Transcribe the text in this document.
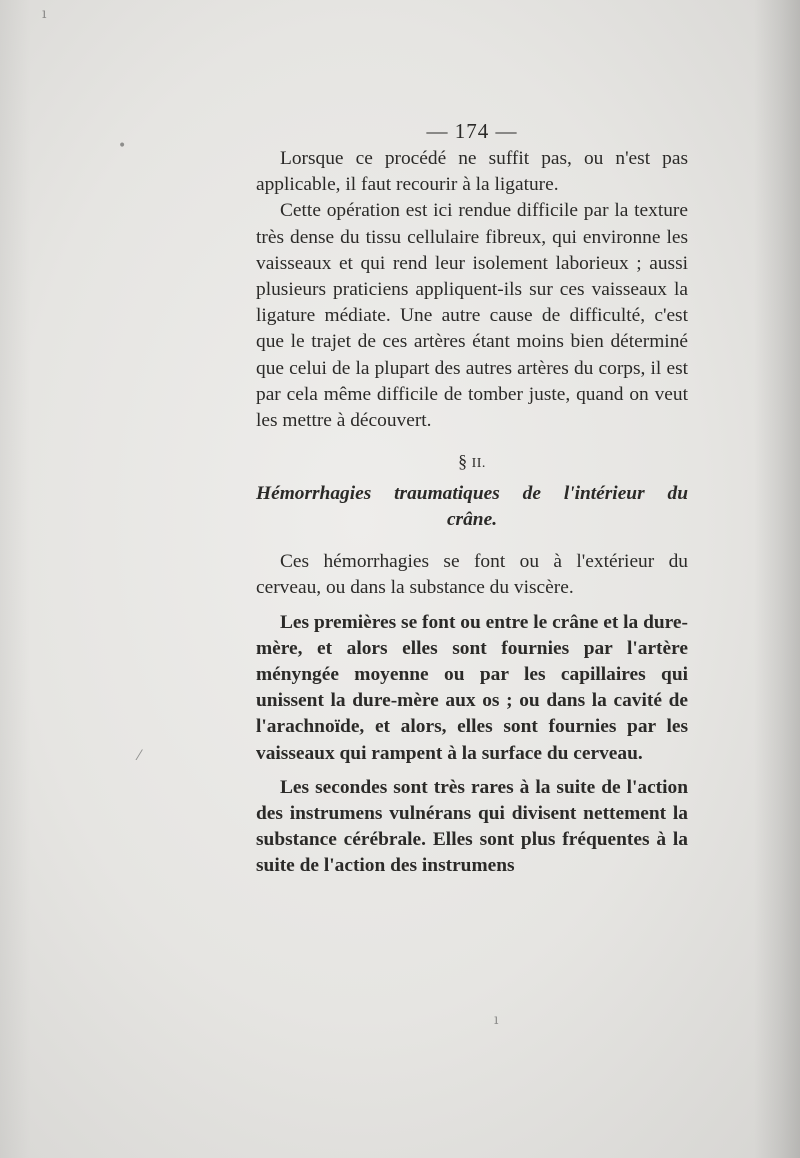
ı
•
⁄
ı
— 174 —

Lorsque ce procédé ne suffit pas, ou n'est pas applicable, il faut recourir à la ligature.

Cette opération est ici rendue difficile par la texture très dense du tissu cellulaire fibreux, qui environne les vaisseaux et qui rend leur isolement laborieux ; aussi plusieurs praticiens appliquent-ils sur ces vaisseaux la ligature médiate. Une autre cause de difficulté, c'est que le trajet de ces artères étant moins bien déterminé que celui de la plupart des autres artères du corps, il est par cela même difficile de tomber juste, quand on veut les mettre à découvert.

§ II.

Hémorrhagies traumatiques de l'intérieur du crâne.

Ces hémorrhagies se font ou à l'extérieur du cerveau, ou dans la substance du viscère.

Les premières se font ou entre le crâne et la dure-mère, et alors elles sont fournies par l'artère ményngée moyenne ou par les capillaires qui unissent la dure-mère aux os ; ou dans la cavité de l'arachnoïde, et alors, elles sont fournies par les vaisseaux qui rampent à la surface du cerveau.

Les secondes sont très rares à la suite de l'action des instrumens vulnérans qui divisent nettement la substance cérébrale. Elles sont plus fréquentes à la suite de l'action des instrumens
